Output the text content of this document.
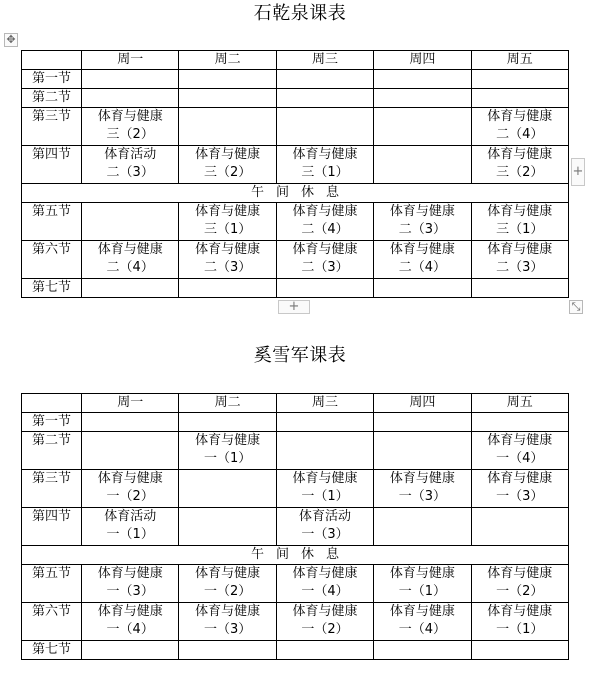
石乾泉课表
✥
	周一	周二	周三	周四	周五
第一节					
第二节					
第三节	体育与健康
三（2）				体育与健康
二（4）

第四节	体育活动
二（3）	体育与健康
三（2）	体育与健康
三（1）		体育与健康
三（2）

午间休息					
第五节		体育与健康
三（1）	体育与健康
二（4）	体育与健康
二（3）	体育与健康
三（1）

第六节	体育与健康
二（4）	体育与健康
二（3）	体育与健康
二（3）	体育与健康
二（4）	体育与健康
二（3）

第七节					
+
+	⤡
奚雪军课表
	周一	周二	周三	周四	周五
第一节					
第二节		体育与健康
一（1）			体育与健康
一（4）

第三节	体育与健康
一（2）		体育与健康
一（1）	体育与健康
一（3）	体育与健康
一（3）

第四节	体育活动
一（1）		体育活动
一（3）		

午间休息					
第五节	体育与健康
一（3）	体育与健康
一（2）	体育与健康
一（4）	体育与健康
一（1）	体育与健康
一（2）

第六节	体育与健康
一（4）	体育与健康
一（3）	体育与健康
一（2）	体育与健康
一（4）	体育与健康
一（1）

第七节					
